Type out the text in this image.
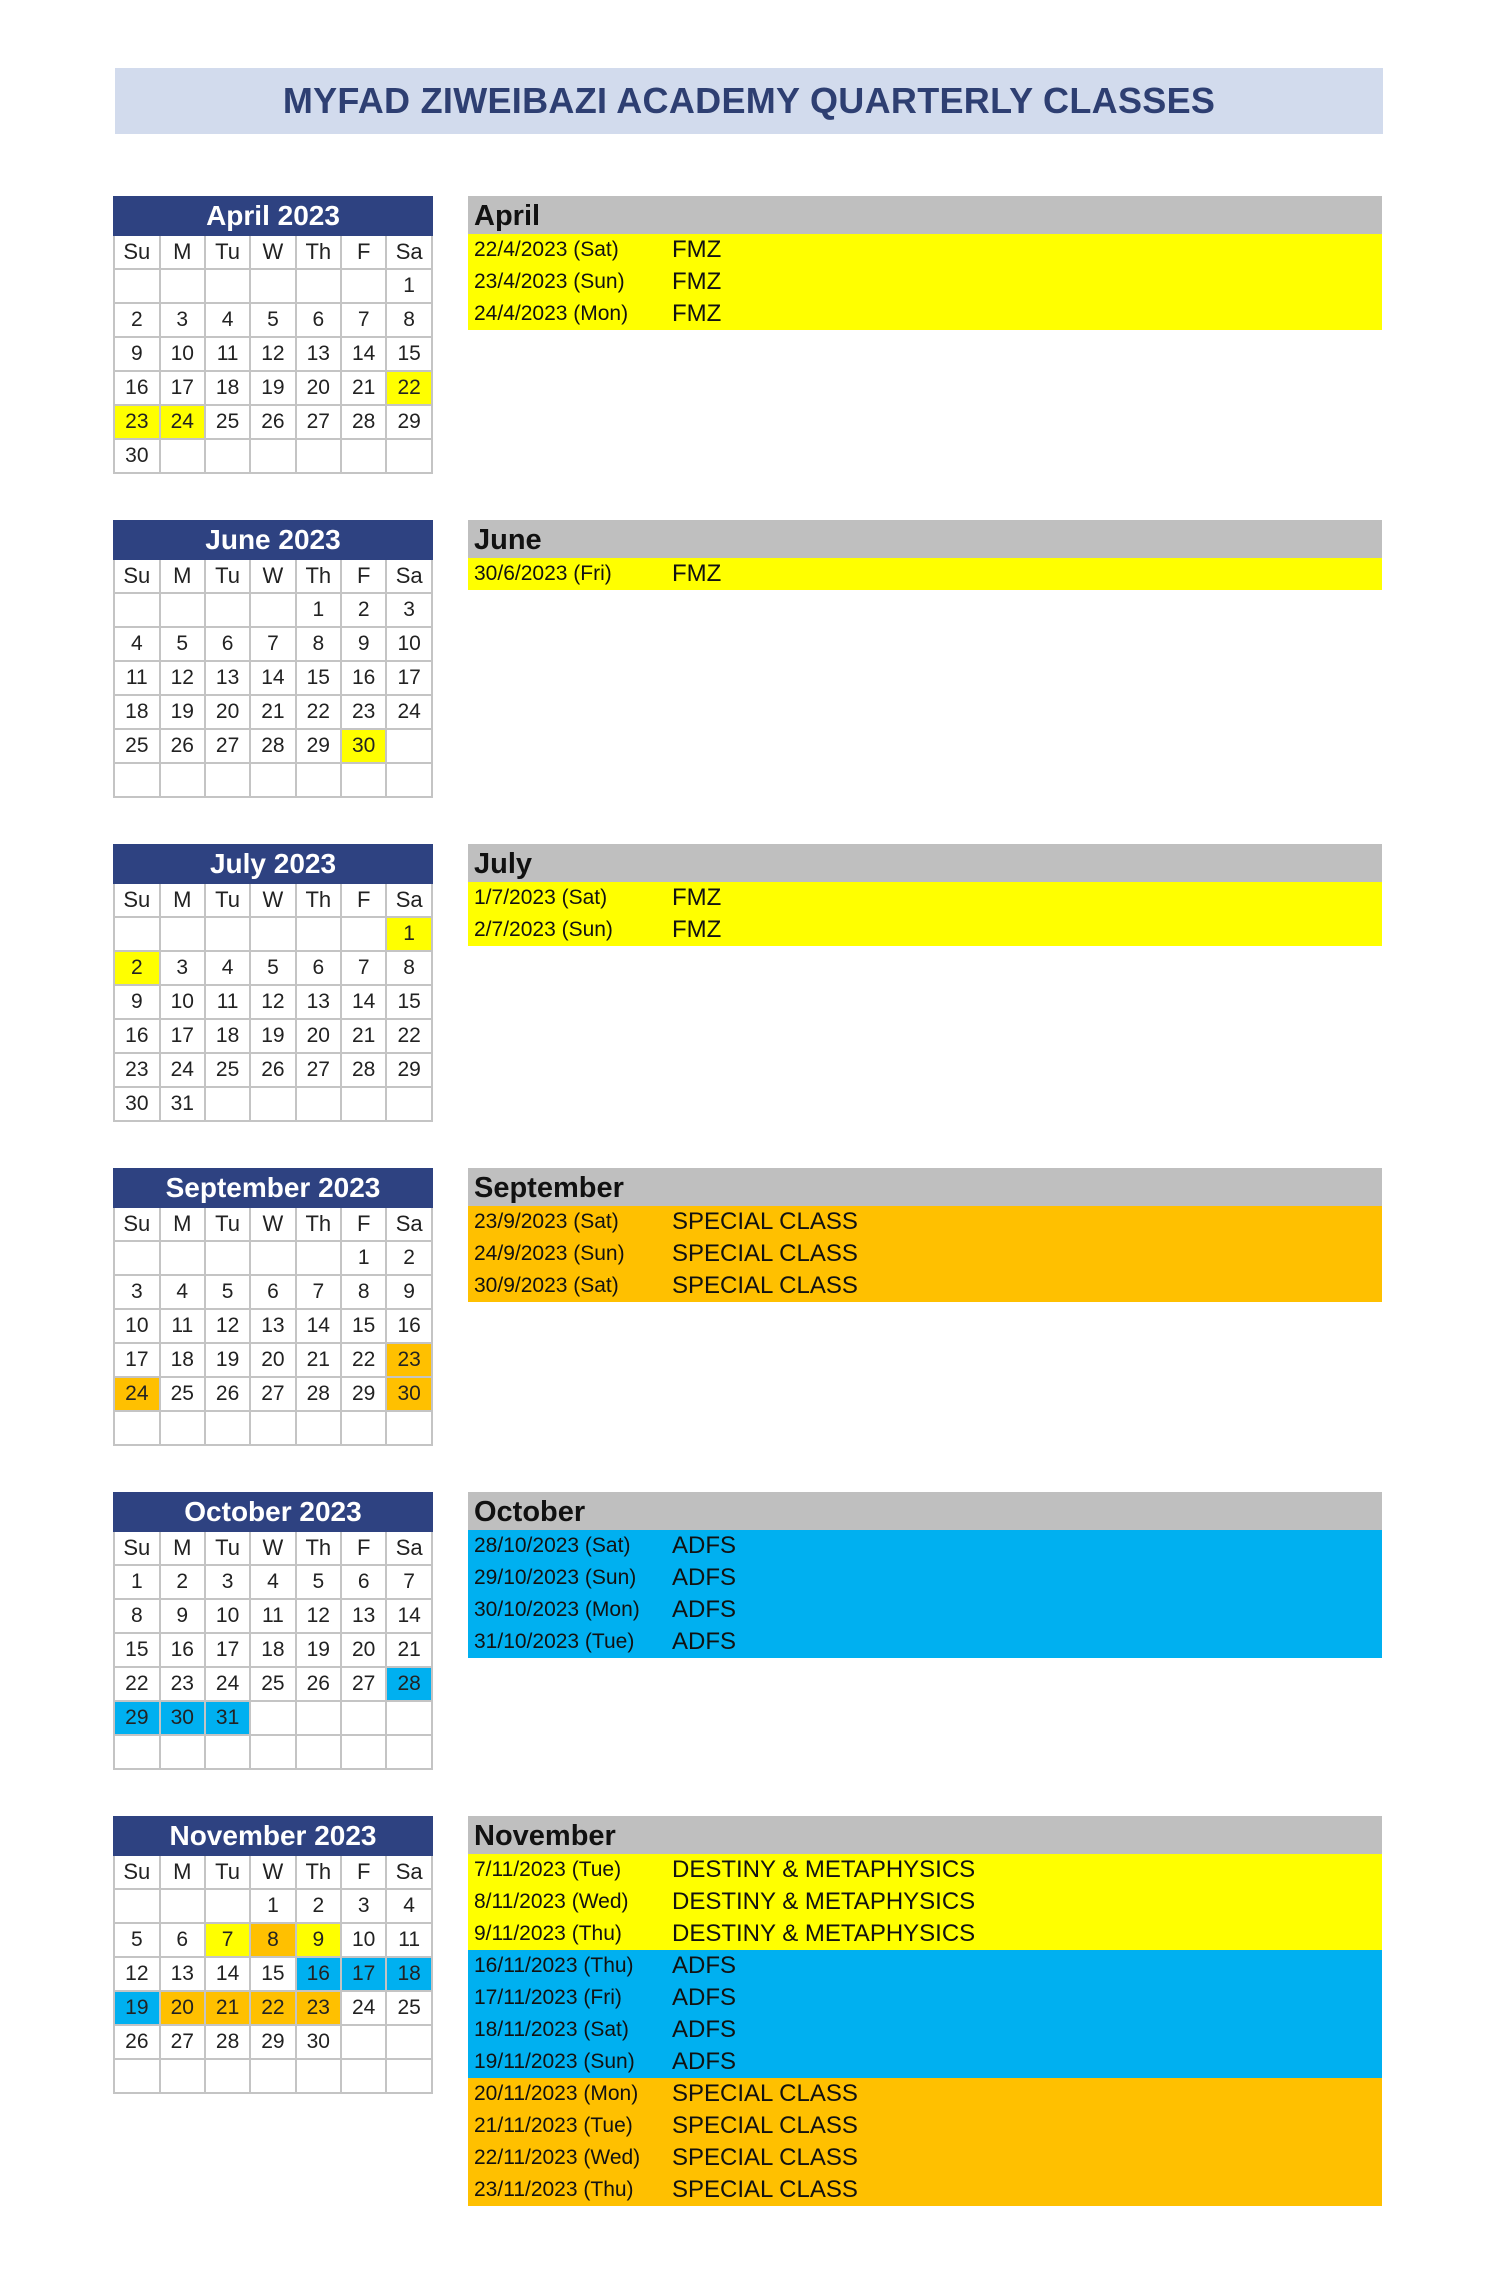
MYFAD ZIWEIBAZI ACADEMY QUARTERLY CLASSES
April 2023						
Su	M	Tu	W	Th	F	Sa
						1
2	3	4	5	6	7	8
9	10	11	12	13	14	15
16	17	18	19	20	21	22
23	24	25	26	27	28	29
30						
April
22/4/2023 (Sat)	FMZ
23/4/2023 (Sun)	FMZ
24/4/2023 (Mon)	FMZ
June 2023						
Su	M	Tu	W	Th	F	Sa
				1	2	3
4	5	6	7	8	9	10
11	12	13	14	15	16	17
18	19	20	21	22	23	24
25	26	27	28	29	30	

June
30/6/2023 (Fri)	FMZ
July 2023						
Su	M	Tu	W	Th	F	Sa
						1
2	3	4	5	6	7	8
9	10	11	12	13	14	15
16	17	18	19	20	21	22
23	24	25	26	27	28	29
30	31					
July
1/7/2023 (Sat)	FMZ
2/7/2023 (Sun)	FMZ
September 2023						
Su	M	Tu	W	Th	F	Sa
					1	2
3	4	5	6	7	8	9
10	11	12	13	14	15	16
17	18	19	20	21	22	23
24	25	26	27	28	29	30

September
23/9/2023 (Sat)	SPECIAL CLASS
24/9/2023 (Sun)	SPECIAL CLASS
30/9/2023 (Sat)	SPECIAL CLASS
October 2023						
Su	M	Tu	W	Th	F	Sa
1	2	3	4	5	6	7
8	9	10	11	12	13	14
15	16	17	18	19	20	21
22	23	24	25	26	27	28
29	30	31				

October
28/10/2023 (Sat)	ADFS
29/10/2023 (Sun)	ADFS
30/10/2023 (Mon)	ADFS
31/10/2023 (Tue)	ADFS
November 2023						
Su	M	Tu	W	Th	F	Sa
			1	2	3	4
5	6	7	8	9	10	11
12	13	14	15	16	17	18
19	20	21	22	23	24	25
26	27	28	29	30		

November
7/11/2023 (Tue)	DESTINY & METAPHYSICS
8/11/2023 (Wed)	DESTINY & METAPHYSICS
9/11/2023 (Thu)	DESTINY & METAPHYSICS
16/11/2023 (Thu)	ADFS
17/11/2023 (Fri)	ADFS
18/11/2023 (Sat)	ADFS
19/11/2023 (Sun)	ADFS
20/11/2023 (Mon)	SPECIAL CLASS
21/11/2023 (Tue)	SPECIAL CLASS
22/11/2023 (Wed)	SPECIAL CLASS
23/11/2023 (Thu)	SPECIAL CLASS
